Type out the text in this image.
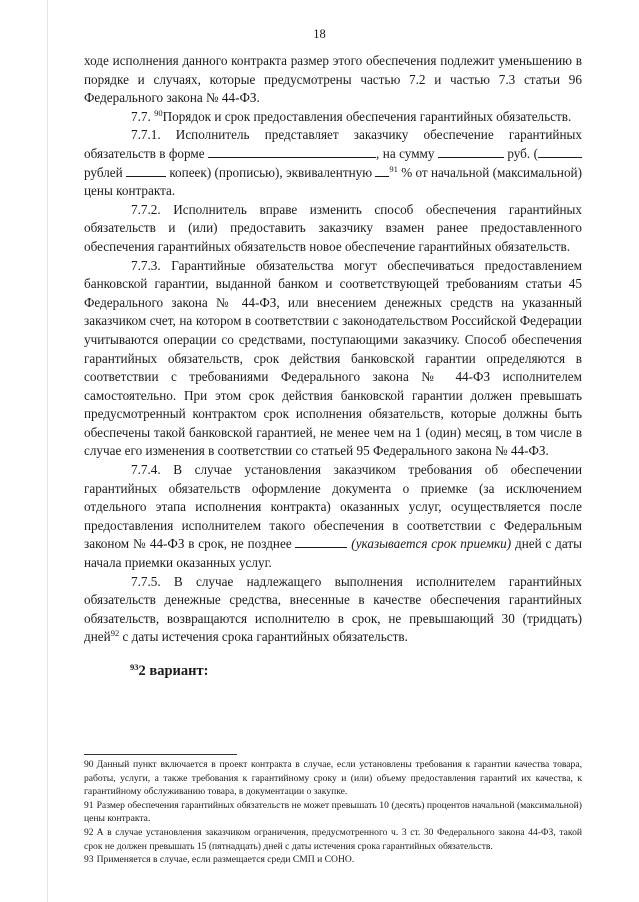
18

ходе исполнения данного контракта размер этого обеспечения подлежит уменьшению в порядке и случаях, которые предусмотрены частью 7.2 и частью 7.3 статьи 96 Федерального закона № 44-ФЗ.

7.7. $^{90}$Порядок и срок предоставления обеспечения гарантийных обязательств.

7.7.1. Исполнитель представляет заказчику обеспечение гарантийных обязательств в форме	, на сумму	руб. ( рублей	копеек) (прописью), эквивалентную $^{91}$ % от начальной (максимальной) цены контракта.

7.7.2. Исполнитель вправе изменить способ обеспечения гарантийных обязательств и (или) предоставить заказчику взамен ранее предоставленного обеспечения гарантийных обязательств новое обеспечение гарантийных обязательств.

7.7.3. Гарантийные обязательства могут обеспечиваться предоставлением банковской гарантии, выданной банком и соответствующей требованиям статьи 45 Федерального закона № 44-ФЗ, или внесением денежных средств на указанный заказчиком счет, на котором в соответствии с законодательством Российской Федерации учитываются операции со средствами, поступающими заказчику. Способ обеспечения гарантийных обязательств, срок действия банковской гарантии определяются в соответствии с требованиями Федерального закона № 44-ФЗ исполнителем самостоятельно. При этом срок действия банковской гарантии должен превышать предусмотренный контрактом срок исполнения обязательств, которые должны быть обеспечены такой банковской гарантией, не менее чем на 1 (один) месяц, в том числе в случае его изменения в соответствии со статьей 95 Федерального закона № 44-ФЗ.

7.7.4. В случае установления заказчиком требования об обеспечении гарантийных обязательств оформление документа о приемке (за исключением отдельного этапа исполнения контракта) оказанных услуг, осуществляется после предоставления исполнителем такого обеспечения в соответствии с Федеральным законом № 44-ФЗ в срок, не позднее	(указывается срок приемки) дней с даты начала приемки оказанных услуг.

7.7.5. В случае надлежащего выполнения исполнителем гарантийных обязательств денежные средства, внесенные в качестве обеспечения гарантийных обязательств, возвращаются исполнителю в срок, не превышающий 30 (тридцать) дней$^{92}$ с даты истечения срока гарантийных обязательств.

$^{93}$2 вариант:

90 Данный пункт включается в проект контракта в случае, если установлены требования к гарантии качества товара, работы, услуги, а также требования к гарантийному сроку и (или) объему предоставления гарантий их качества, к гарантийному обслуживанию товара, в документации о закупке.

91 Размер обеспечения гарантийных обязательств не может превышать 10 (десять) процентов начальной (максимальной) цены контракта.

92 А в случае установления заказчиком ограничения, предусмотренного ч. 3 ст. 30 Федерального закона 44-ФЗ, такой срок не должен превышать 15 (пятнадцать) дней с даты истечения срока гарантийных обязательств.

93 Применяется в случае, если размещается среди СМП и СОНО.
